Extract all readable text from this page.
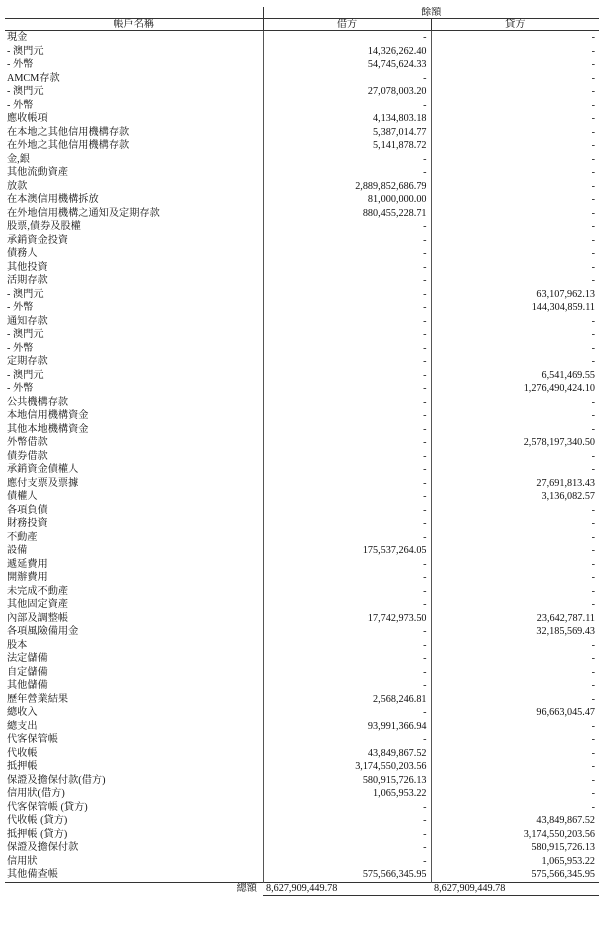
	餘額	
帳戶名稱	借方	貸方
現金	-	-
- 澳門元	14,326,262.40	-
- 外幣	54,745,624.33	-
AMCM存款	-	-
- 澳門元	27,078,003.20	-
- 外幣	-	-
應收帳項	4,134,803.18	-
在本地之其他信用機構存款	5,387,014.77	-
在外地之其他信用機構存款	5,141,878.72	-
金,銀	-	-
其他流動資產	-	-
放款	2,889,852,686.79	-
在本澳信用機構拆放	81,000,000.00	-
在外地信用機構之通知及定期存款	880,455,228.71	-
股票,債券及股權	-	-
承銷資金投資	-	-
債務人	-	-
其他投資	-	-
活期存款	-	-
- 澳門元	-	63,107,962.13
- 外幣	-	144,304,859.11
通知存款	-	-
- 澳門元	-	-
- 外幣	-	-
定期存款	-	-
- 澳門元	-	6,541,469.55
- 外幣	-	1,276,490,424.10
公共機構存款	-	-
本地信用機構資金	-	-
其他本地機構資金	-	-
外幣借款	-	2,578,197,340.50
債券借款	-	-
承銷資金債權人	-	-
應付支票及票據	-	27,691,813.43
債權人	-	3,136,082.57
各項負債	-	-
財務投資	-	-
不動產	-	-
設備	175,537,264.05	-
遞延費用	-	-
開辦費用	-	-
未完成不動產	-	-
其他固定資產	-	-
內部及調整帳	17,742,973.50	23,642,787.11
各項風險備用金	-	32,185,569.43
股本	-	-
法定儲備	-	-
自定儲備	-	-
其他儲備	-	-
歷年營業結果	2,568,246.81	-
總收入	-	96,663,045.47
總支出	93,991,366.94	-
代客保管帳	-	-
代收帳	43,849,867.52	-
抵押帳	3,174,550,203.56	-
保證及擔保付款(借方)	580,915,726.13	-
信用狀(借方)	1,065,953.22	-
代客保管帳 (貸方)	-	-
代收帳 (貸方)	-	43,849,867.52
抵押帳 (貸方)	-	3,174,550,203.56
保證及擔保付款	-	580,915,726.13
信用狀	-	1,065,953.22
其他備查帳	575,566,345.95	575,566,345.95
總額	8,627,909,449.78	8,627,909,449.78
